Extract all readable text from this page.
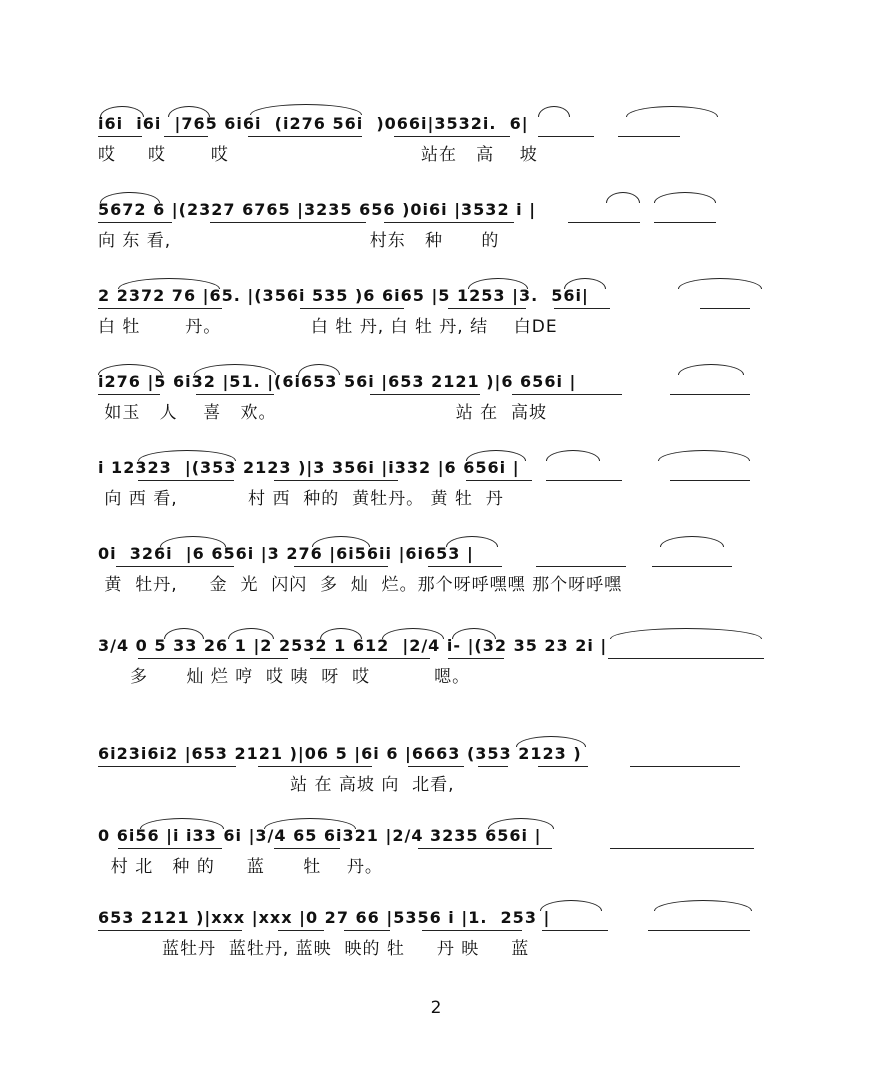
i6i  i6i  |765 6i6i  (i276 56i  )066i|3532i.  6|
哎     哎       哎                              站在   高    坡
5672 6 |(2327 6765 |3235 656 )0i6i |3532 i |
向 东 看,                               村东   种      的
2 2372 76 |65. |(356i 535 )6 6i65 |5 1253 |3.  56i|
白 牡       丹。              白 牡 丹, 白 牡 丹, 结    白DE
i276 |5 6i32 |51. |(6i653 56i |653 2121 )|6 656i |
如玉   人    喜   欢。                            站 在  高坡
i 12323  |(353 2123 )|3 356i |i332 |6 656i |
向 西 看,           村 西  种的  黄牡丹。 黄 牡  丹
0i  326i  |6 656i |3 276 |6i56ii |6i653 |
黄  牡丹,     金  光  闪闪  多  灿  烂。那个呀呼嘿嘿 那个呀呼嘿
3/4 0 5 33 26 1 |2 2532 1 612  |2/4 i- |(32 35 23 2i |
多      灿 烂 哼  哎 咦  呀  哎          嗯。
6i23i6i2 |653 2121 )|06 5 |6i 6 |6663 (353 2123 )
站 在 高坡 向  北看,
0 6i56 |i i33 6i |3/4 65 6i321 |2/4 3235 656i |
村 北   种 的     蓝      牡    丹。
653 2121 )|xxx |xxx |0 27 66 |5356 i |1.  253 |
蓝牡丹  蓝牡丹, 蓝映  映的 牡     丹 映     蓝
2
